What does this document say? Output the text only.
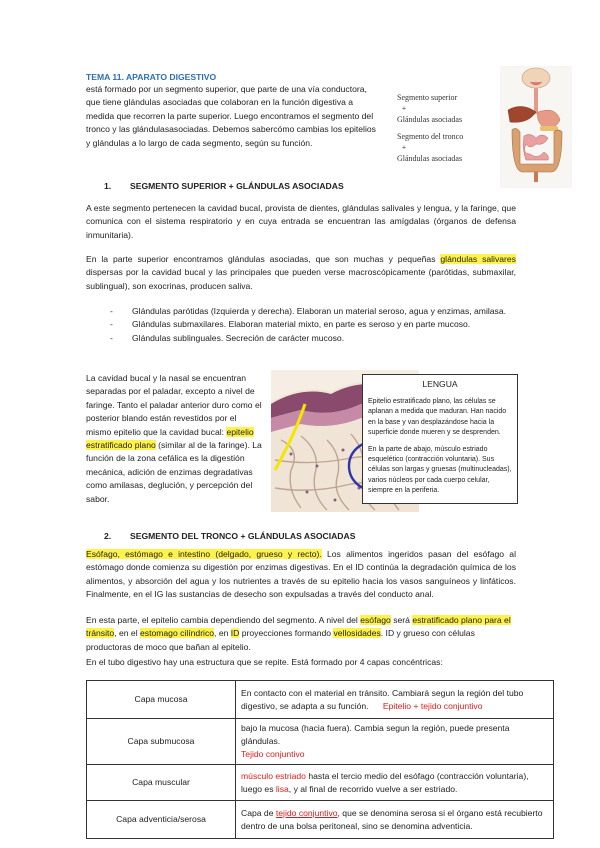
TEMA 11. APARATO DIGESTIVO

está formado por un segmento superior, que parte de una vía conductora,

que tiene glándulas asociadas que colaboran en la función digestiva a

medida que recorren la parte superior. Luego encontramos el segmento del

tronco y las glándulasasociadas. Debemos sabercómo cambias los epitelios

y glándulas a lo largo de cada segmento, según su función.

Segmento superior
+
Glándulas asociadas
Segmento del tronco
+
Glándulas asociadas
1. SEGMENTO SUPERIOR + GLÁNDULAS ASOCIADAS

A este segmento pertenecen la cavidad bucal, provista de dientes, glándulas salivales y lengua, y la faringe, que comunica con el sistema respiratorio y en cuya entrada se encuentran las amígdalas (órganos de defensa inmunitaria).

En la parte superior encontramos glándulas asociadas, que son muchas y pequeñas glándulas salivares dispersas por la cavidad bucal y las principales que pueden verse macroscópicamente (parótidas, submaxilar, sublingual), son exocrinas, producen saliva.

- Glándulas parótidas (Izquierda y derecha). Elaboran un material seroso, agua y enzimas, amilasa.
- Glándulas submaxilares. Elaboran material mixto, en parte es seroso y en parte mucoso.
- Glándulas sublinguales. Secreción de carácter mucoso.

La cavidad bucal y la nasal se encuentran separadas por el paladar, excepto a nivel de faringe. Tanto el paladar anterior duro como el posterior blando están revestidos por el mismo epitelio que la cavidad bucal: epitelio estratificado plano (similar al de la faringe). La función de la zona cefálica es la digestión mecánica, adición de enzimas degradativas como amilasas, deglución, y percepción del sabor.

LENGUA

Epitelio estratificado plano, las células se aplanan a medida que maduran. Han nacido en la base y van desplazándose hacia la superficie donde mueren y se desprenden.

En la parte de abajo, músculo estriado esquelético (contracción voluntaria). Sus células son largas y gruesas (multinucleadas), varios núcleos por cada cuerpo celular, siempre en la periferia.

2. SEGMENTO DEL TRONCO + GLÁNDULAS ASOCIADAS

Esófago, estómago e intestino (delgado, grueso y recto). Los alimentos ingeridos pasan del esófago al estómago donde comienza su digestión por enzimas digestivas. En el ID continúa la degradación química de los alimentos, y absorción del agua y los nutrientes a través de su epitelio hacia los vasos sanguíneos y linfáticos. Finalmente, en el IG las sustancias de desecho son expulsadas a través del conducto anal.

En esta parte, el epitelio cambia dependiendo del segmento. A nivel del esófago será estratificado plano para el tránsito, en el estomago cilíndrico, en ID proyecciones formando vellosidades. ID y grueso con células productoras de moco que bañan al epitelio.

En el tubo digestivo hay una estructura que se repite. Está formado por 4 capas concéntricas:

Capa mucosa	En contacto con el material en tránsito. Cambiará segun la región del tubo digestivo, se adapta a su función. Epitelio + tejido conjuntivo
Capa submucosa	bajo la mucosa (hacia fuera). Cambia segun la región, puede presenta glándulas.
Tejido conjuntivo
Capa muscular	músculo estriado hasta el tercio medio del esófago (contracción voluntaria), luego es lisa, y al final de recorrido vuelve a ser estriado.
Capa adventicia/serosa	Capa de tejido conjuntivo, que se denomina serosa si el órgano está recubierto dentro de una bolsa peritoneal, sino se denomina adventicia.
